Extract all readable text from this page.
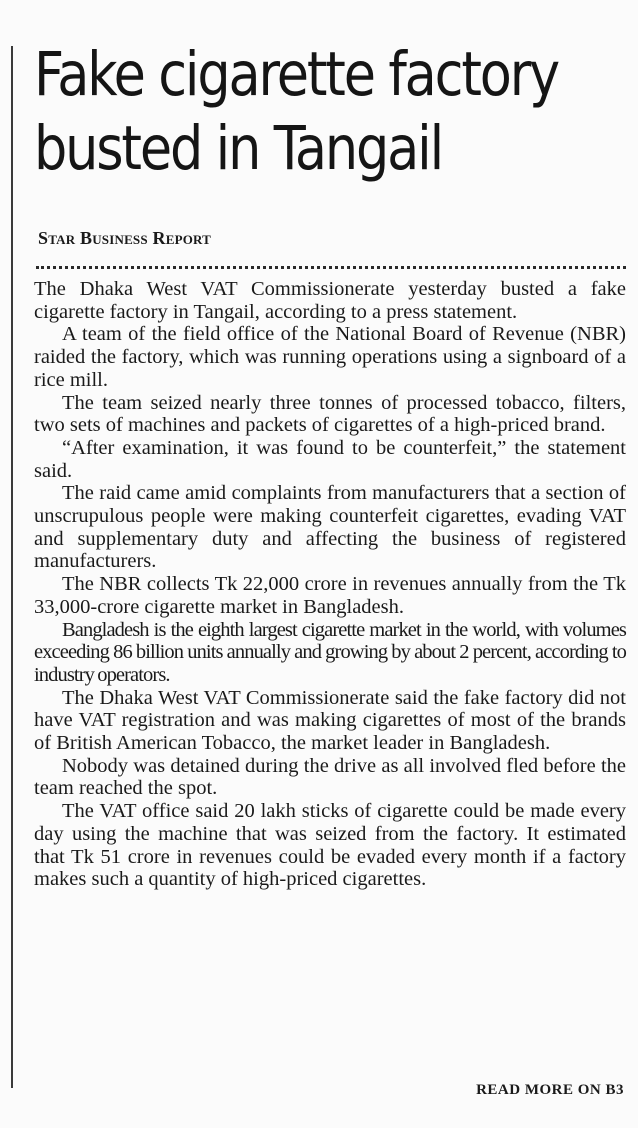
Fake cigarette factory
busted in Tangail
Star Business Report

The Dhaka West VAT Commissionerate yesterday busted a fake cigarette factory in Tangail, according to a press statement.

A team of the field office of the National Board of Revenue (NBR) raided the factory, which was running operations using a signboard of a rice mill.

The team seized nearly three tonnes of processed tobacco, filters, two sets of machines and packets of cigarettes of a high-priced brand.

“After examination, it was found to be counterfeit,” the statement said.

The raid came amid complaints from manufacturers that a section of unscrupulous people were making counterfeit cigarettes, evading VAT and supplementary duty and affecting the business of registered manufacturers.

The NBR collects Tk 22,000 crore in revenues annually from the Tk 33,000-crore cigarette market in Bangladesh.

Bangladesh is the eighth largest cigarette market in the world, with volumes exceeding 86 billion units annually and growing by about 2 percent, according to industry operators.

The Dhaka West VAT Commissionerate said the fake factory did not have VAT registration and was making cigarettes of most of the brands of British American Tobacco, the market leader in Bangladesh.

Nobody was detained during the drive as all involved fled before the team reached the spot.

The VAT office said 20 lakh sticks of cigarette could be made every day using the machine that was seized from the factory. It estimated that Tk 51 crore in revenues could be evaded every month if a factory makes such a quantity of high-priced cigarettes.

READ MORE ON B3
